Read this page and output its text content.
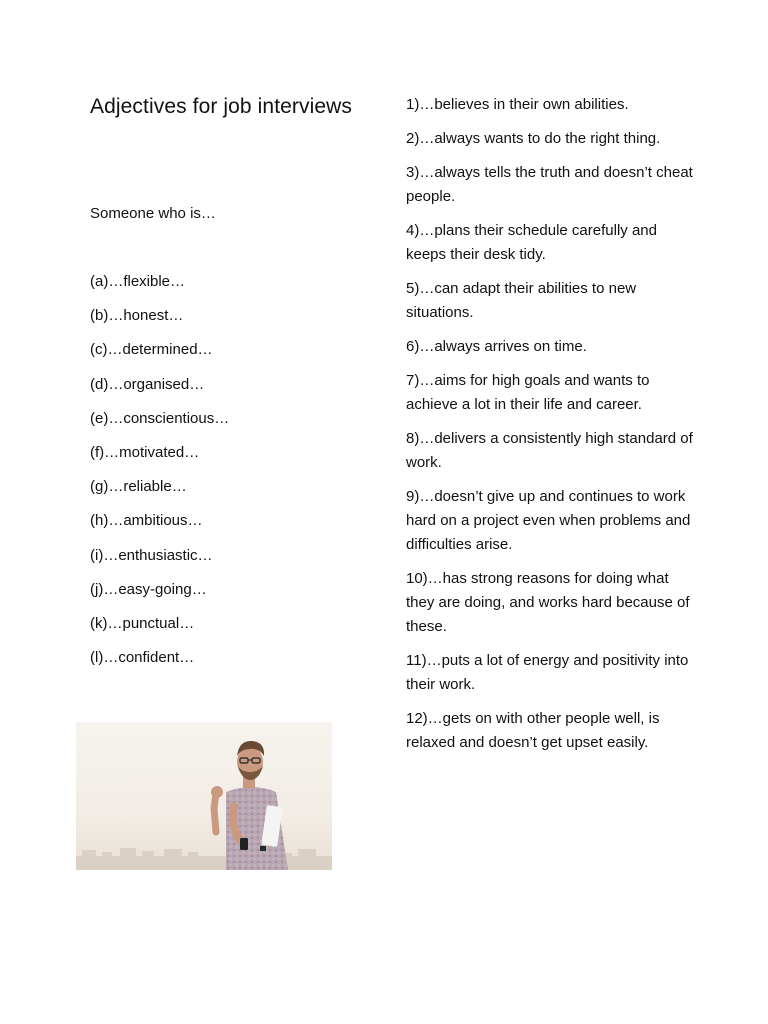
Adjectives for job interviews

Someone who is…

(a)…flexible…
(b)…honest…
(c)…determined…
(d)…organised…
(e)…conscientious…
(f)…motivated…
(g)…reliable…
(h)…ambitious…
(i)…enthusiastic…
(j)…easy-going…
(k)…punctual…
(l)…confident…
1)…believes in their own abilities.
2)…always wants to do the right thing.
3)…always tells the truth and doesn’t cheat people.
4)…plans their schedule carefully and keeps their desk tidy.
5)…can adapt their abilities to new situations.
6)…always arrives on time.
7)…aims for high goals and wants to achieve a lot in their life and career.
8)…delivers a consistently high standard of work.
9)…doesn’t give up and continues to work hard on a project even when problems and difficulties arise.
10)…has strong reasons for doing what they are doing, and works hard because of these.
11)…puts a lot of energy and positivity into their work.
12)…gets on with other people well, is relaxed and doesn’t get upset easily.
